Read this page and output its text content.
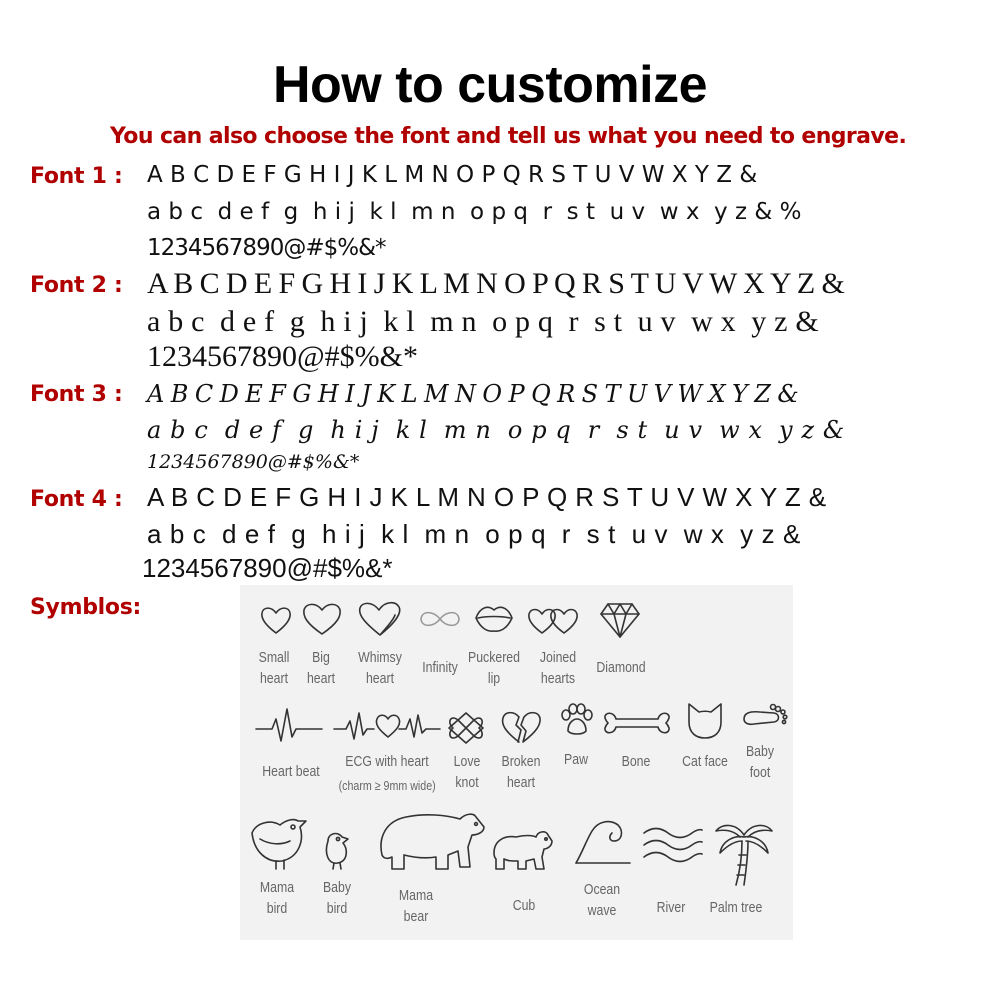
How to customize
You can also choose the font and tell us what you need to engrave.
Font 1 : A B C D E F G H I J K L M N O P Q R S T U V W X Y Z &
a b c  d e f  g  h i j  k l  m n  o p q  r  s t  u v  w x  y z & %
1234567890@#$%&*
Font 2 : A B C D E F G H I J K L M N O P Q R S T U V W X Y Z &
a b c  d e f  g  h i j  k l  m n  o p q  r  s t  u v  w x  y z &
1234567890@#$%&*
Font 3 : A B C D E F G H I J K L M N O P Q R S T U V W X Y Z &
a b c  d e f  g  h i j  k l  m n  o p q  r  s t  u v  w x  y z &
1234567890@#$%&*
Font 4 : A B C D E F G H I J K L M N O P Q R S T U V W X Y Z &
a b c  d e f  g  h i j  k l  m n  o p q  r  s t  u v  w x  y z &
1234567890@#$%&*
Symblos:
Small
heart
Big
heart
Whimsy
heart
Infinity
Puckered
lip
Joined
hearts
Diamond
Heart beat
ECG with heart
(charm ≥ 9mm wide)
Love
knot
Broken
heart
Paw	Bone	Cat face
Baby
foot
Mama
bird
Baby
bird
Mama
bear
Cub
Ocean
wave	River	Palm tree
